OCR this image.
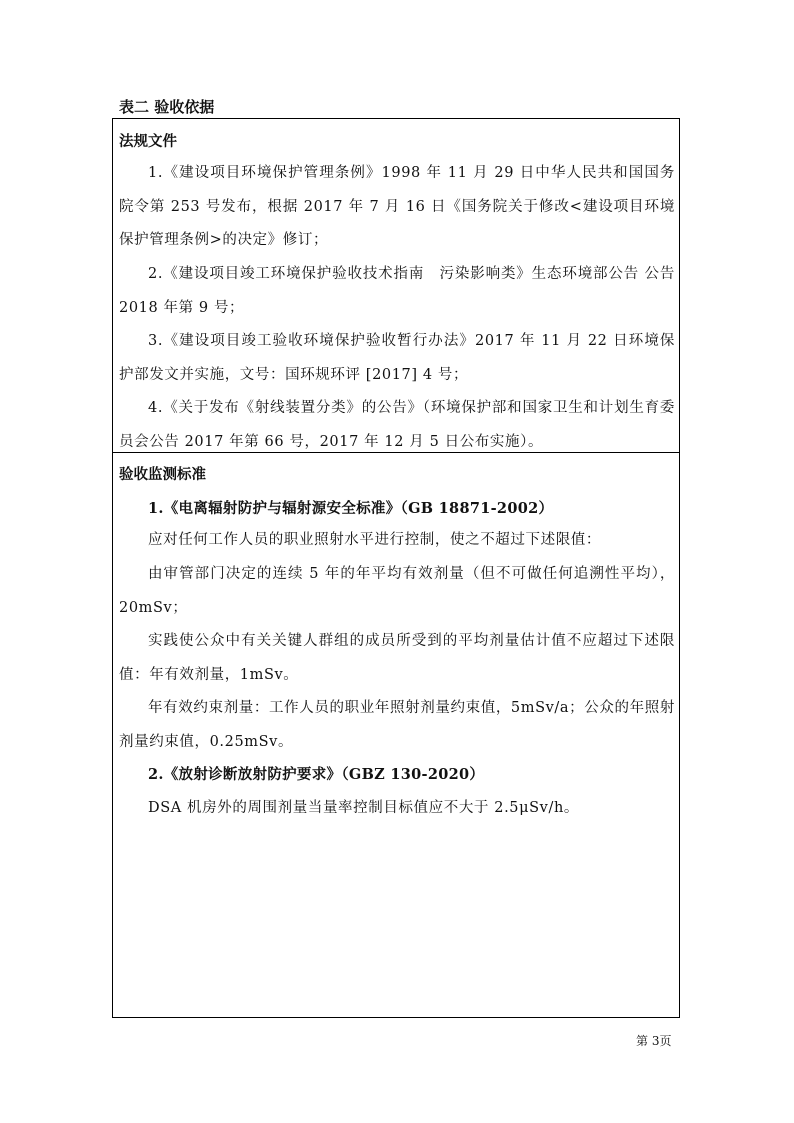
表二 验收依据
法规文件
1.《建设项目环境保护管理条例》1998 年 11 月 29 日中华人民共和国国务院令第 253 号发布，根据 2017 年 7 月 16 日《国务院关于修改<建设项目环境保护管理条例>的决定》修订；
2.《建设项目竣工环境保护验收技术指南　污染影响类》生态环境部公告 公告 2018 年第 9 号；
3.《建设项目竣工验收环境保护验收暂行办法》2017 年 11 月 22 日环境保护部发文并实施，文号：国环规环评 [2017] 4 号；
4.《关于发布《射线装置分类》的公告》（环境保护部和国家卫生和计划生育委员会公告 2017 年第 66 号，2017 年 12 月 5 日公布实施）。
验收监测标准
1.《电离辐射防护与辐射源安全标准》（GB 18871-2002）
应对任何工作人员的职业照射水平进行控制，使之不超过下述限值：
由审管部门决定的连续 5 年的年平均有效剂量（但不可做任何追溯性平均），20mSv；
实践使公众中有关关键人群组的成员所受到的平均剂量估计值不应超过下述限值：年有效剂量，1mSv。
年有效约束剂量：工作人员的职业年照射剂量约束值，5mSv/a；公众的年照射剂量约束值，0.25mSv。
2.《放射诊断放射防护要求》（GBZ 130-2020）
DSA 机房外的周围剂量当量率控制目标值应不大于 2.5μSv/h。
第 3页
